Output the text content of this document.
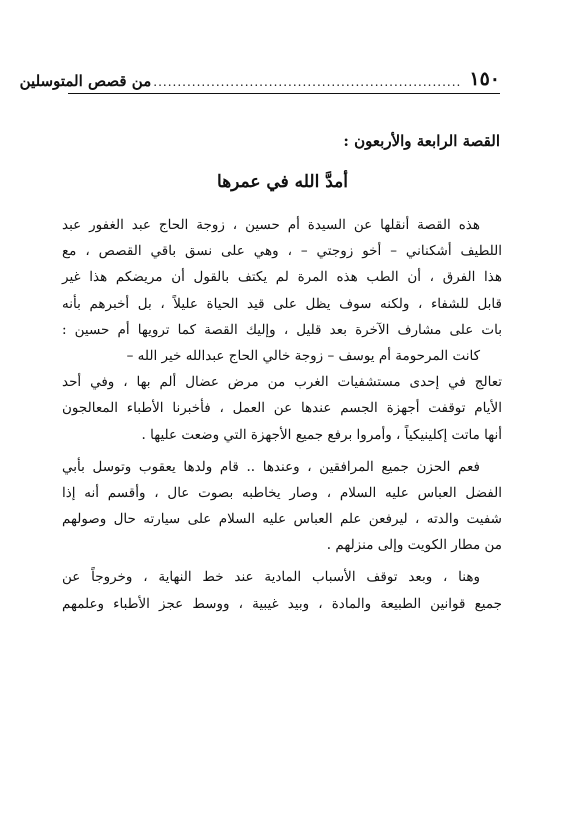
١٥٠
................................................................
من قصص المتوسلين
القصة الرابعة والأربعون :
أمدَّ الله في عمرها
هذه القصة أنقلها عن السيدة أم حسين ، زوجة الحاج عبد الغفور عبد
اللطيف أشكناني – أخو زوجتي – ، وهي على نسق باقي القصص ، مع
هذا الفرق ، أن الطب هذه المرة لم يكتف بالقول أن مريضكم هذا غير
قابل للشفاء ، ولكنه سوف يظل على قيد الحياة عليلاً ، بل أخبرهم بأنه
بات على مشارف الآخرة بعد قليل ، وإليك القصة كما ترويها أم حسين :
كانت المرحومة أم يوسف – زوجة خالي الحاج عبدالله خير الله –
تعالج في إحدى مستشفيات الغرب من مرض عضال ألم بها ، وفي أحد
الأيام توقفت أجهزة الجسم عندها عن العمل ، فأخبرنا الأطباء المعالجون
أنها ماتت إكلينيكياً ، وأمروا برفع جميع الأجهزة التي وضعت عليها .
فعم الحزن جميع المرافقين ، وعندها .. قام ولدها يعقوب وتوسل بأبي
الفضل العباس عليه السلام ، وصار يخاطبه بصوت عال ، وأقسم أنه إذا
شفيت والدته ، ليرفعن علم العباس عليه السلام على سيارته حال وصولهم
من مطار الكويت وإلى منزلهم .
وهنا ، وبعد توقف الأسباب المادية عند خط النهاية ، وخروجاً عن
جميع قوانين الطبيعة والمادة ، وبيد غيبية ، ووسط عجز الأطباء وعلمهم
